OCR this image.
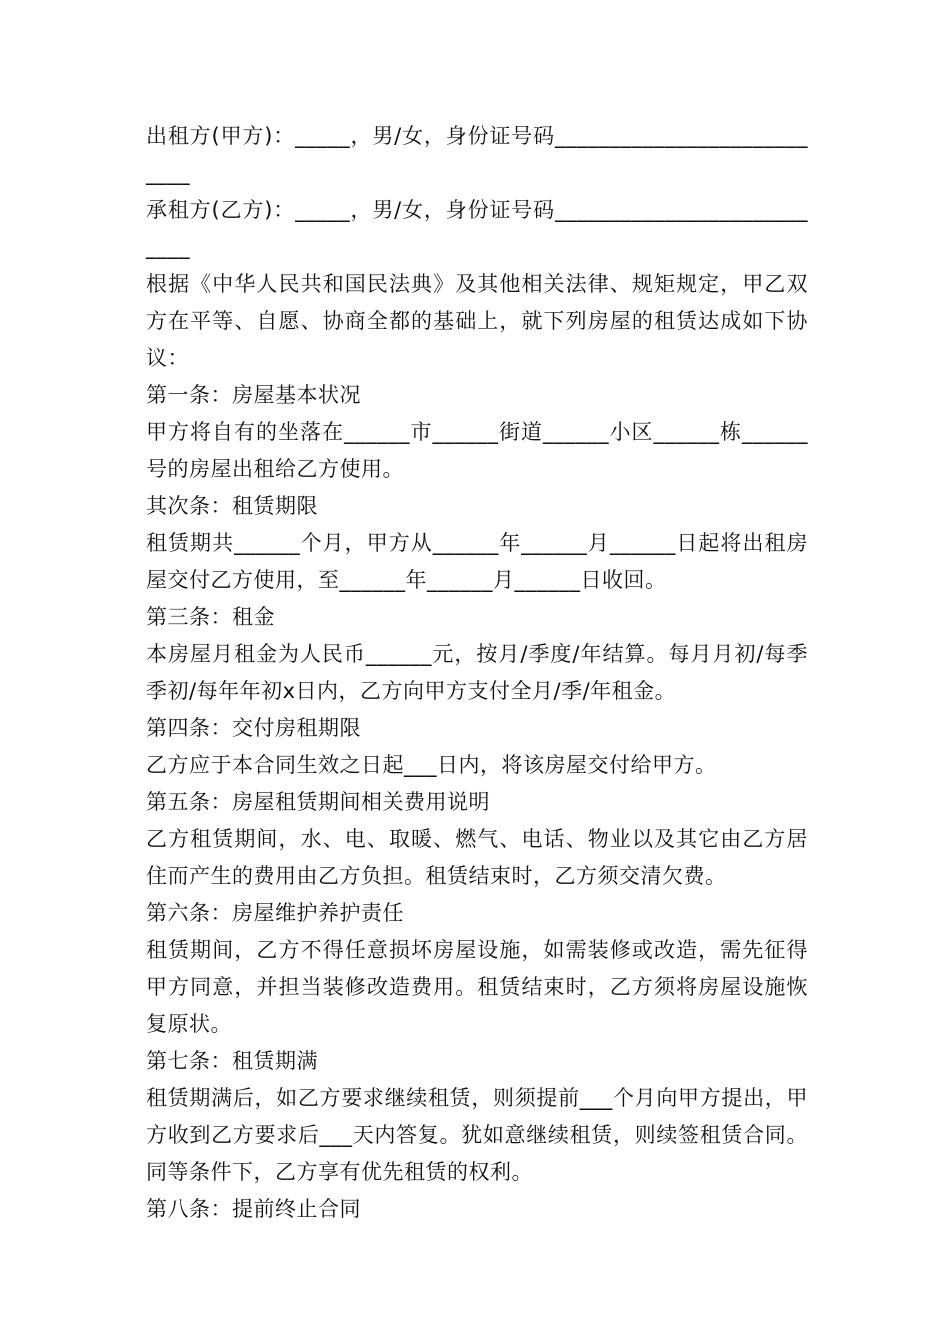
出租方(甲方)：_____，男/女，身份证号码___________________________

承租方(乙方)：_____，男/女，身份证号码___________________________

根据《中华人民共和国民法典》及其他相关法律、规矩规定，甲乙双方在平等、自愿、协商全都的基础上，就下列房屋的租赁达成如下协议：

第一条：房屋基本状况

甲方将自有的坐落在______市______街道______小区______栋______号的房屋出租给乙方使用。

其次条：租赁期限

租赁期共______个月，甲方从______年______月______日起将出租房屋交付乙方使用，至______年______月______日收回。

第三条：租金

本房屋月租金为人民币______元，按月/季度/年结算。每月月初/每季季初/每年年初x日内，乙方向甲方支付全月/季/年租金。

第四条：交付房租期限

乙方应于本合同生效之日起___日内，将该房屋交付给甲方。

第五条：房屋租赁期间相关费用说明

乙方租赁期间，水、电、取暖、燃气、电话、物业以及其它由乙方居住而产生的费用由乙方负担。租赁结束时，乙方须交清欠费。

第六条：房屋维护养护责任

租赁期间，乙方不得任意损坏房屋设施，如需装修或改造，需先征得甲方同意，并担当装修改造费用。租赁结束时，乙方须将房屋设施恢复原状。

第七条：租赁期满

租赁期满后，如乙方要求继续租赁，则须提前___个月向甲方提出，甲方收到乙方要求后___天内答复。犹如意继续租赁，则续签租赁合同。同等条件下，乙方享有优先租赁的权利。

第八条：提前终止合同
